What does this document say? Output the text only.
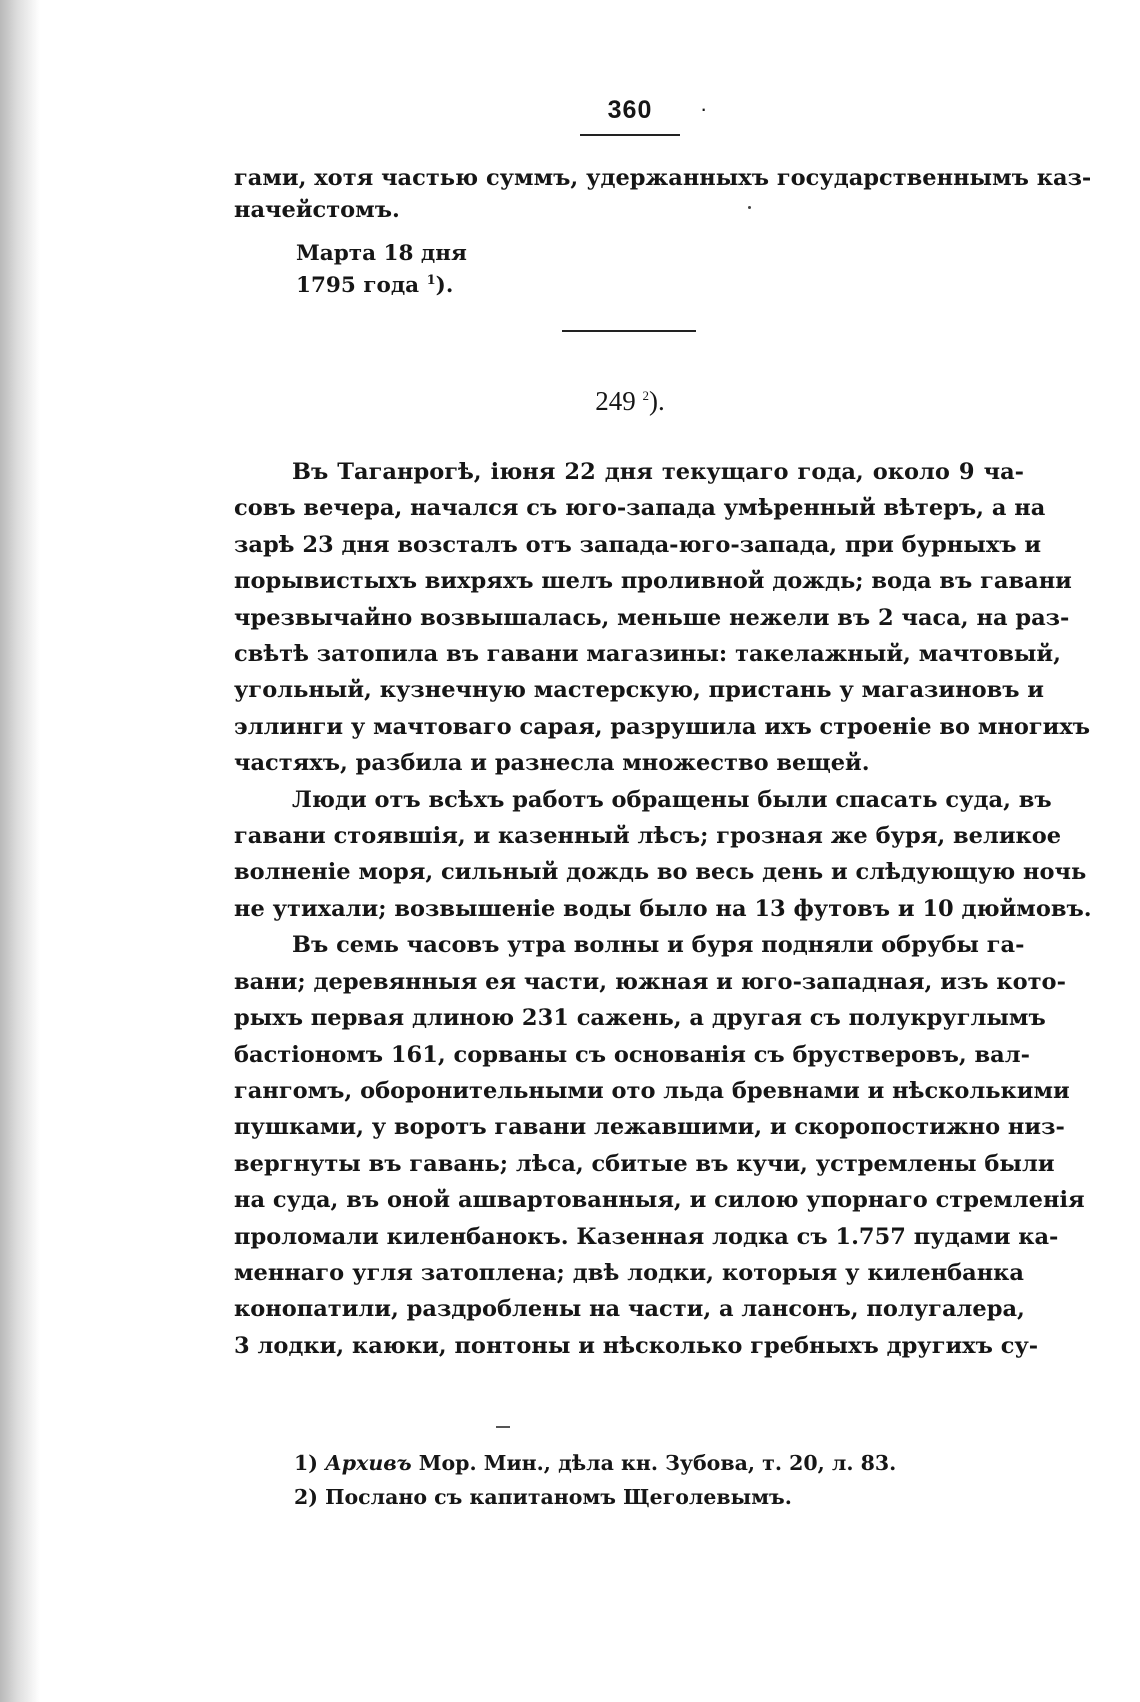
360	·
гами, хотя частью суммъ, удержанныхъ государственнымъ каз-
начейстомъ.
Марта 18 дня
1795 года $^1$).
249 $^2$).
Въ Таганрогѣ, іюня 22 дня текущаго года, около 9 ча-
совъ вечера, начался съ юго-запада умѣренный вѣтеръ, а на
зарѣ 23 дня возсталъ отъ запада-юго-запада, при бурныхъ и
порывистыхъ вихряхъ шелъ проливной дождь; вода въ гавани
чрезвычайно возвышалась, меньше нежели въ 2 часа, на раз-
свѣтѣ затопила въ гавани магазины: такелажный, мачтовый,
угольный, кузнечную мастерскую, пристань у магазиновъ и
эллинги у мачтоваго сарая, разрушила ихъ строеніе во многихъ
частяхъ, разбила и разнесла множество вещей.
Люди отъ всѣхъ работъ обращены были спасать суда, въ
гавани стоявшія, и казенный лѣсъ; грозная же буря, великое
волненіе моря, сильный дождь во весь день и слѣдующую ночь
не утихали; возвышеніе воды было на 13 футовъ и 10 дюймовъ.
Въ семь часовъ утра волны и буря подняли обрубы га-
вани; деревянныя ея части, южная и юго-западная, изъ кото-
рыхъ первая длиною 231 сажень, а другая съ полукруглымъ
бастіономъ 161, сорваны съ основанія съ брустверовъ, вал-
гангомъ, оборонительными ото льда бревнами и нѣсколькими
пушками, у воротъ гавани лежавшими, и скоропостижно низ-
вергнуты въ гавань; лѣса, сбитые въ кучи, устремлены были
на суда, въ оной ашвартованныя, и силою упорнаго стремленія
проломали киленбанокъ. Казенная лодка съ 1.757 пудами ка-
меннаго угля затоплена; двѣ лодки, которыя у киленбанка
конопатили, раздроблены на части, а лансонъ, полугалера,
3 лодки, каюки, понтоны и нѣсколько гребныхъ другихъ су-
1) Архивъ Мор. Мин., дѣла кн. Зубова, т. 20, л. 83.
2) Послано съ капитаномъ Щеголевымъ.
